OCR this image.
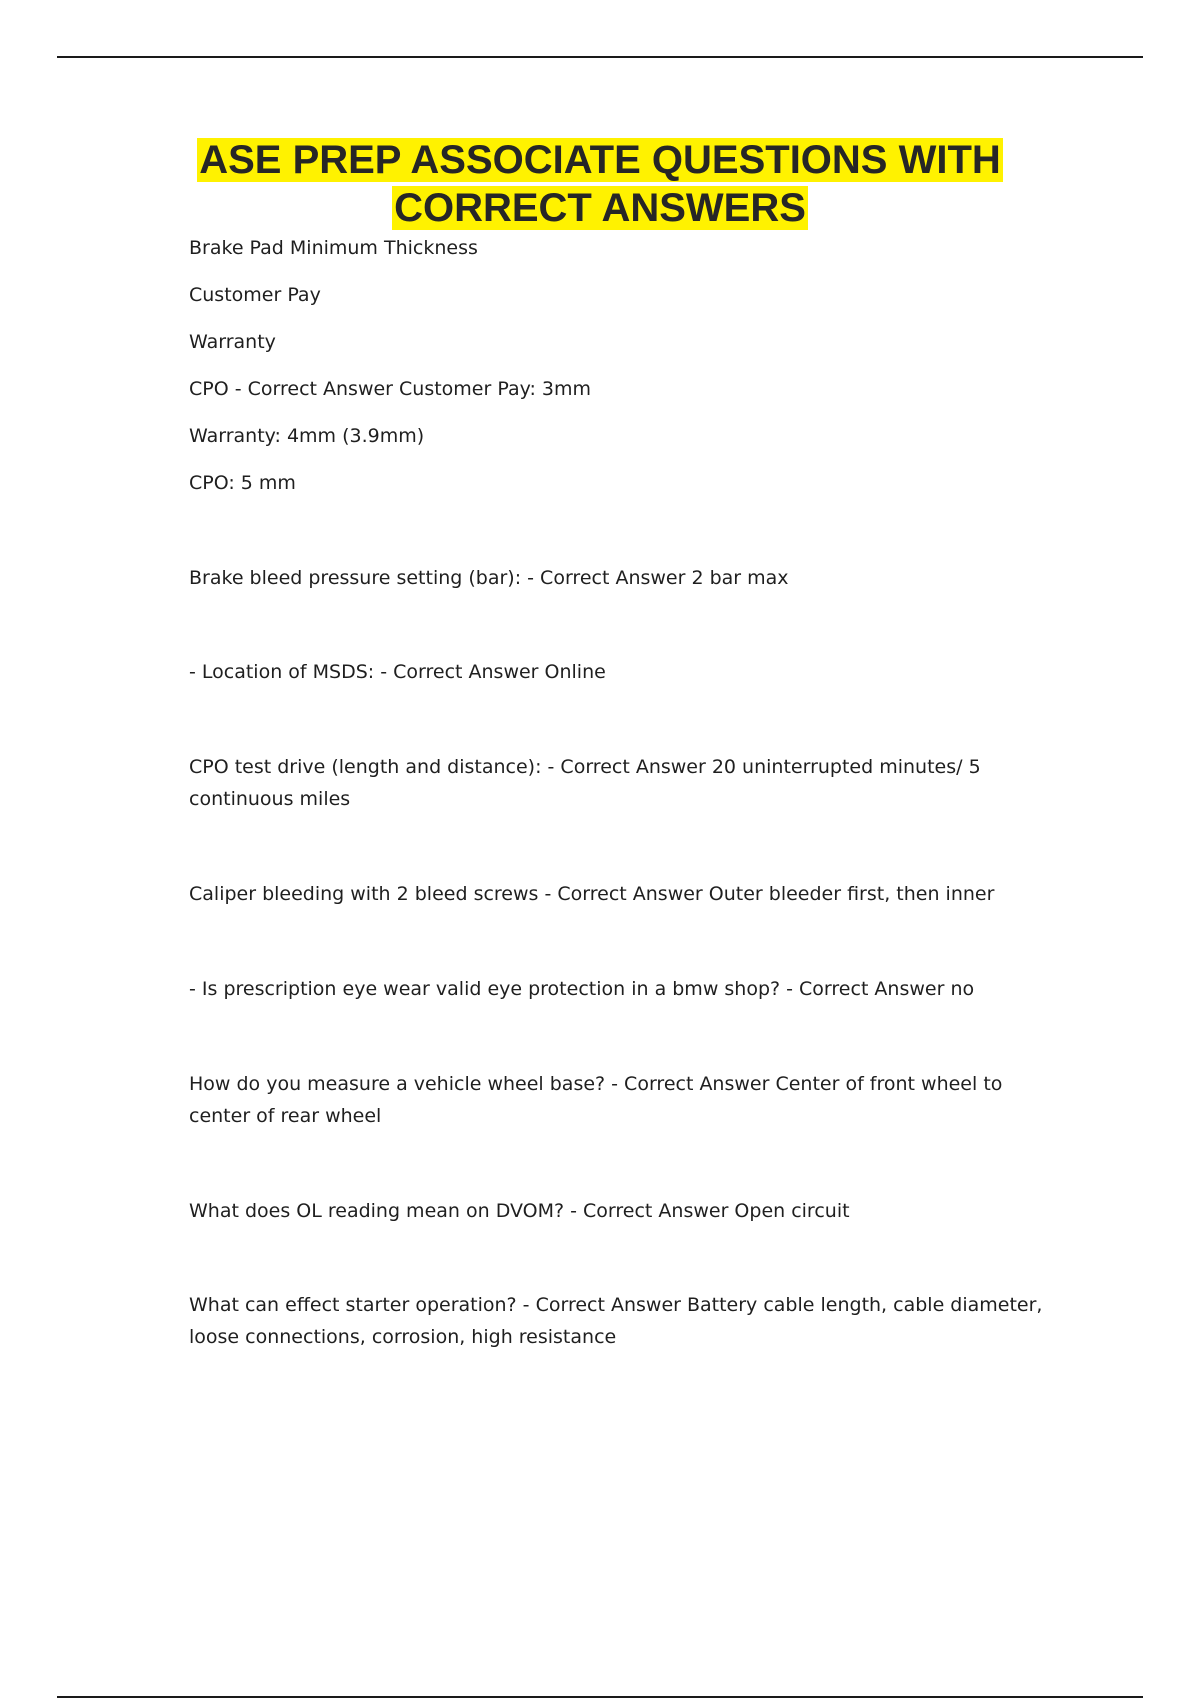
ASE PREP ASSOCIATE QUESTIONS WITH
CORRECT ANSWERS

Brake Pad Minimum Thickness

Customer Pay

Warranty

CPO - Correct Answer Customer Pay: 3mm

Warranty: 4mm (3.9mm)

CPO: 5 mm

Brake bleed pressure setting (bar): - Correct Answer 2 bar max

- Location of MSDS: - Correct Answer Online

CPO test drive (length and distance): - Correct Answer 20 uninterrupted minutes/ 5 continuous miles

Caliper bleeding with 2 bleed screws - Correct Answer Outer bleeder first, then inner

- Is prescription eye wear valid eye protection in a bmw shop? - Correct Answer no

How do you measure a vehicle wheel base? - Correct Answer Center of front wheel to center of rear wheel

What does OL reading mean on DVOM? - Correct Answer Open circuit

What can effect starter operation? - Correct Answer Battery cable length, cable diameter, loose connections, corrosion, high resistance
